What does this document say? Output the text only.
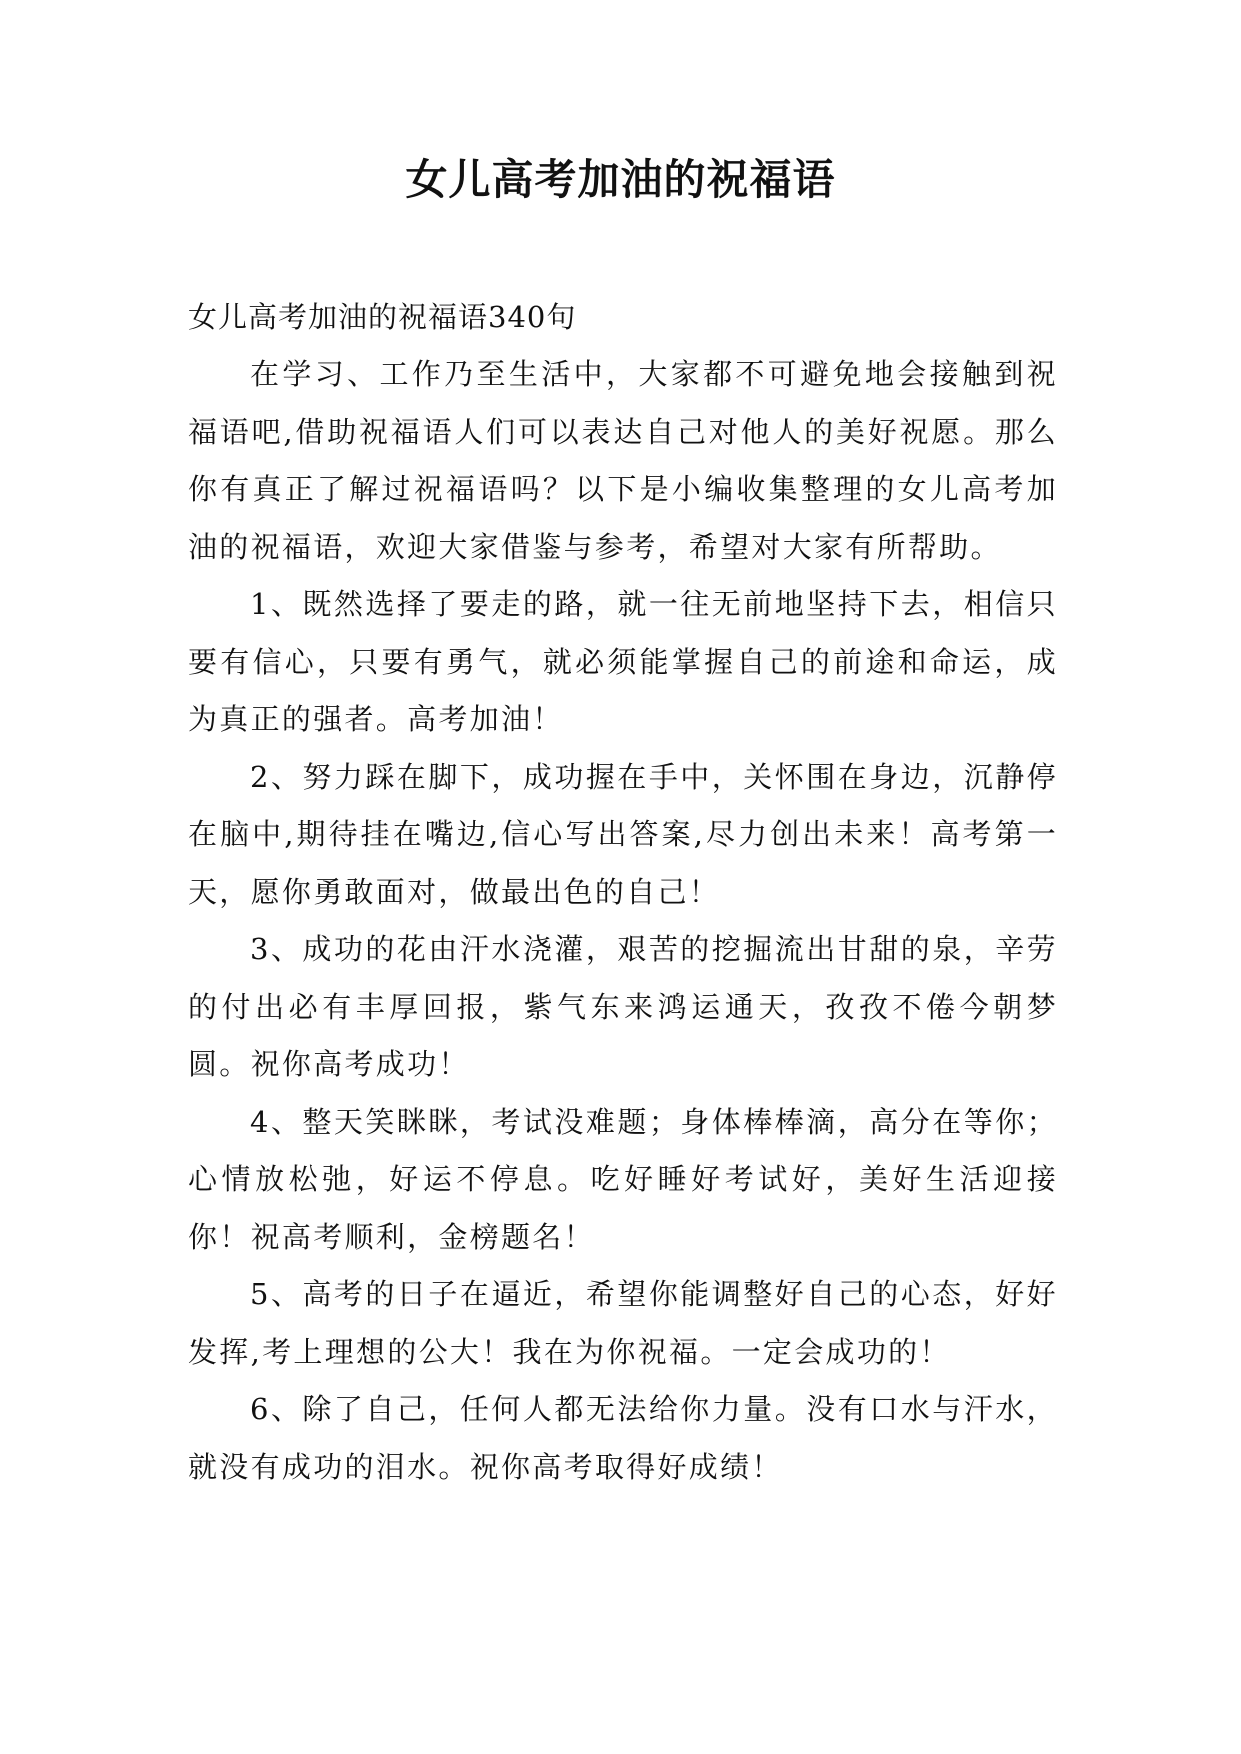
女儿高考加油的祝福语

女儿高考加油的祝福语340句

在学习、工作乃至生活中，大家都不可避免地会接触到祝福语吧,借助祝福语人们可以表达自己对他人的美好祝愿。那么你有真正了解过祝福语吗？以下是小编收集整理的女儿高考加油的祝福语，欢迎大家借鉴与参考，希望对大家有所帮助。

1、既然选择了要走的路，就一往无前地坚持下去，相信只要有信心，只要有勇气，就必须能掌握自己的前途和命运，成为真正的强者。高考加油！

2、努力踩在脚下，成功握在手中，关怀围在身边，沉静停在脑中,期待挂在嘴边,信心写出答案,尽力创出未来！高考第一天，愿你勇敢面对，做最出色的自己！

3、成功的花由汗水浇灌，艰苦的挖掘流出甘甜的泉，辛劳的付出必有丰厚回报，紫气东来鸿运通天，孜孜不倦今朝梦圆。祝你高考成功！

4、整天笑眯眯，考试没难题；身体棒棒滴，高分在等你；心情放松弛，好运不停息。吃好睡好考试好，美好生活迎接你！祝高考顺利，金榜题名！

5、高考的日子在逼近，希望你能调整好自己的心态，好好发挥,考上理想的公大！我在为你祝福。一定会成功的！

6、除了自己，任何人都无法给你力量。没有口水与汗水，就没有成功的泪水。祝你高考取得好成绩！
